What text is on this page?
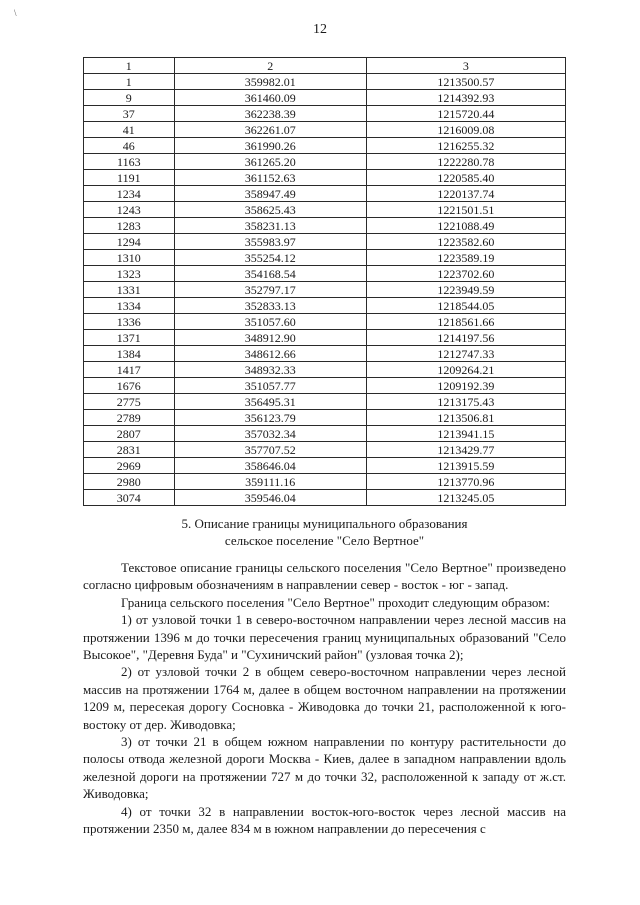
\
12
1	2	3
1	359982.01	1213500.57
9	361460.09	1214392.93
37	362238.39	1215720.44
41	362261.07	1216009.08
46	361990.26	1216255.32
1163	361265.20	1222280.78
1191	361152.63	1220585.40
1234	358947.49	1220137.74
1243	358625.43	1221501.51
1283	358231.13	1221088.49
1294	355983.97	1223582.60
1310	355254.12	1223589.19
1323	354168.54	1223702.60
1331	352797.17	1223949.59
1334	352833.13	1218544.05
1336	351057.60	1218561.66
1371	348912.90	1214197.56
1384	348612.66	1212747.33
1417	348932.33	1209264.21
1676	351057.77	1209192.39
2775	356495.31	1213175.43
2789	356123.79	1213506.81
2807	357032.34	1213941.15
2831	357707.52	1213429.77
2969	358646.04	1213915.59
2980	359111.16	1213770.96
3074	359546.04	1213245.05
5. Описание границы муниципального образования
сельское поселение "Село Вертное"

Текстовое описание границы сельского поселения "Село Вертное" произведено согласно цифровым обозначениям в направлении север - восток - юг - запад.

Граница сельского поселения "Село Вертное" проходит следующим образом:

1) от узловой точки 1 в северо-восточном направлении через лесной массив на протяжении 1396 м до точки пересечения границ муниципальных образований "Село Высокое", "Деревня Буда" и "Сухиничский район" (узловая точка 2);

2) от узловой точки 2 в общем северо-восточном направлении через лесной массив на протяжении 1764 м, далее в общем восточном направлении на протяжении 1209 м, пересекая дорогу Сосновка - Живодовка до точки 21, расположенной к юго-востоку от дер. Живодовка;

3) от точки 21 в общем южном направлении по контуру растительности до полосы отвода железной дороги Москва - Киев, далее в западном направлении вдоль железной дороги на протяжении 727 м до точки 32, расположенной к западу от ж.ст. Живодовка;

4) от точки 32 в направлении восток-юго-восток через лесной массив на протяжении 2350 м, далее 834 м в южном направлении до пересечения с
